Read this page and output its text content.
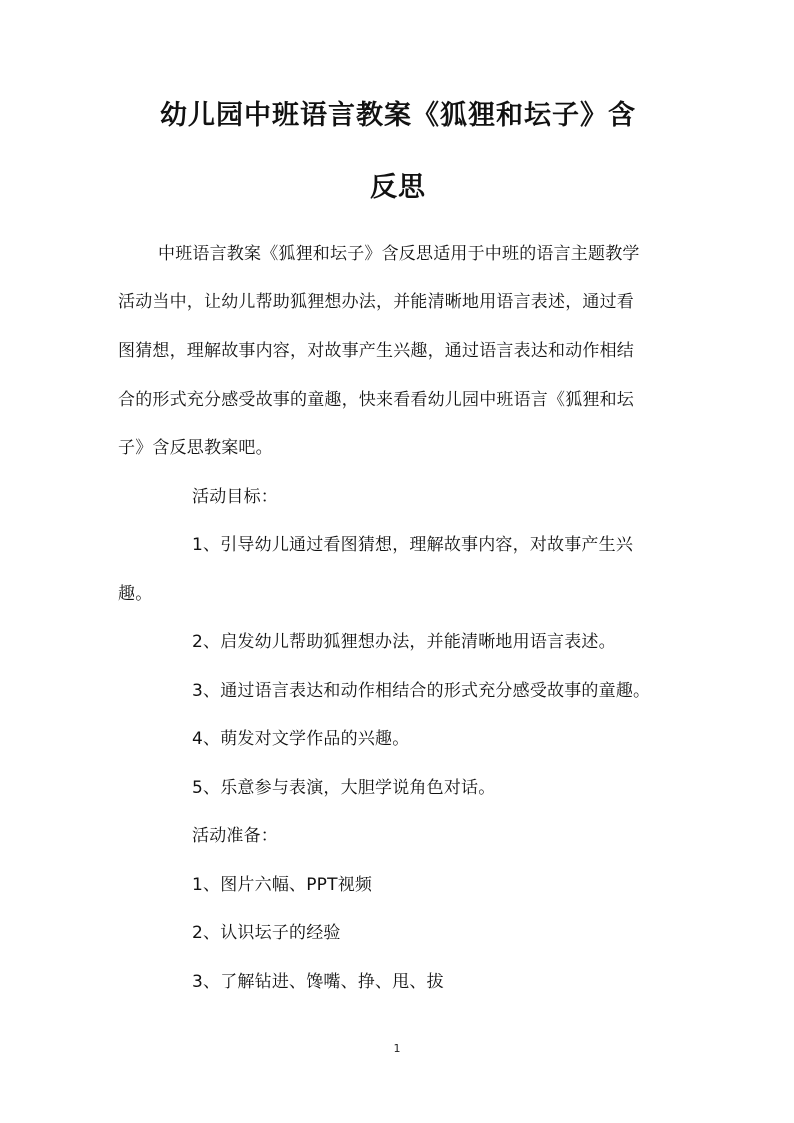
幼儿园中班语言教案《狐狸和坛子》含
反思
中班语言教案《狐狸和坛子》含反思适用于中班的语言主题教学
活动当中，让幼儿帮助狐狸想办法，并能清晰地用语言表述，通过看
图猜想，理解故事内容，对故事产生兴趣，通过语言表达和动作相结
合的形式充分感受故事的童趣，快来看看幼儿园中班语言《狐狸和坛
子》含反思教案吧。
活动目标：
1、引导幼儿通过看图猜想，理解故事内容，对故事产生兴
趣。
2、启发幼儿帮助狐狸想办法，并能清晰地用语言表述。
3、通过语言表达和动作相结合的形式充分感受故事的童趣。
4、萌发对文学作品的兴趣。
5、乐意参与表演，大胆学说角色对话。
活动准备：
1、图片六幅、PPT视频
2、认识坛子的经验
3、了解钻进、馋嘴、挣、甩、拔
1
